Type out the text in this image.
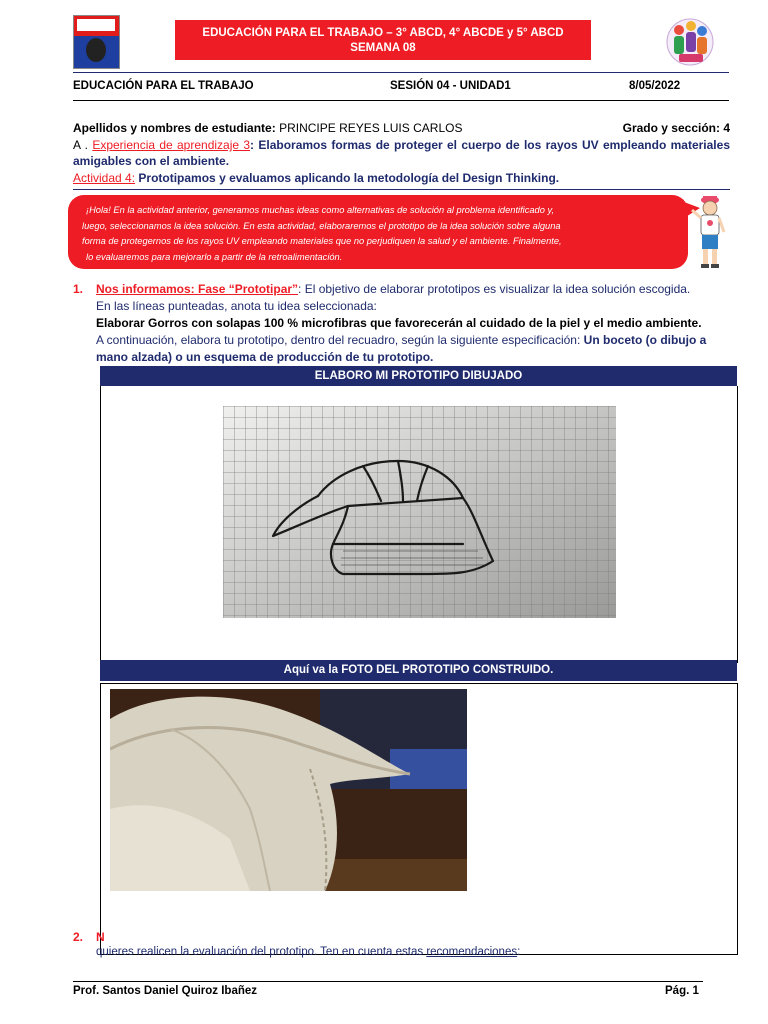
EDUCACIÓN PARA EL TRABAJO – 3° ABCD, 4° ABCDE y 5° ABCD
SEMANA 08
EDUCACIÓN PARA EL TRABAJO	SESIÓN 04 - UNIDAD1	8/05/2022
Apellidos y nombres de estudiante: PRINCIPE REYES LUIS CARLOS	Grado y sección: 4
A . Experiencia de aprendizaje 3: Elaboramos formas de proteger el cuerpo de los rayos UV empleando materiales amigables con el ambiente.
Actividad 4: Prototipamos y evaluamos aplicando la metodología del Design Thinking.
¡Hola! En la actividad anterior, generamos muchas ideas como alternativas de solución al problema identificado y,
luego, seleccionamos la idea solución. En esta actividad, elaboraremos el prototipo de la idea solución sobre alguna
forma de protegernos de los rayos UV empleando materiales que no perjudiquen la salud y el ambiente. Finalmente,
lo evaluaremos para mejorarlo a partir de la retroalimentación.
1. Nos informamos: Fase “Prototipar”: El objetivo de elaborar prototipos es visualizar la idea solución escogida.
En las líneas punteadas, anota tu idea seleccionada:
Elaborar Gorros con solapas 100 % microfibras que favorecerán al cuidado de la piel y el medio ambiente.
A continuación, elabora tu prototipo, dentro del recuadro, según la siguiente especificación: Un boceto (o dibujo a mano alzada) o un esquema de producción de tu prototipo.
ELABORO MI PROTOTIPO DIBUJADO
Aquí va la FOTO DEL PROTOTIPO CONSTRUIDO.
2. N
quieres realicen la evaluación del prototipo. Ten en cuenta estas recomendaciones:
Prof. Santos Daniel Quiroz Ibañez	Pág. 1
